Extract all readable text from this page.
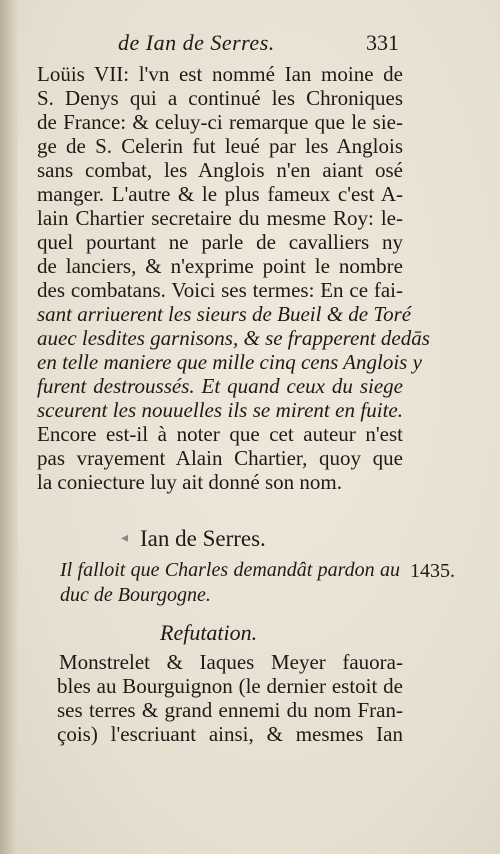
de Ian de Serres.	331
Loüis VII: l'vn est nommé Ian moine de
S. Denys qui a continué les Chroniques
de France: & celuy-ci remarque que le sie-
ge de S. Celerin fut leué par les Anglois
sans combat, les Anglois n'en aiant osé
manger. L'autre & le plus fameux c'est A-
lain Chartier secretaire du mesme Roy: le-
quel pourtant ne parle de cavalliers ny
de lanciers, & n'exprime point le nombre
des combatans. Voici ses termes: En ce fai-
sant arriuerent les sieurs de Bueil & de Toré
auec lesdites garnisons, & se frapperent dedās
en telle maniere que mille cinq cens Anglois y
furent destroussés. Et quand ceux du siege
sceurent les nouuelles ils se mirent en fuite.
Encore est-il à noter que cet auteur n'est
pas vrayement Alain Chartier, quoy que
la coniecture luy ait donné son nom.
◂ Ian de Serres.
Il falloit que Charles demandât pardon au
duc de Bourgogne.
1435.
Refutation.
Monstrelet & Iaques Meyer fauora-
bles au Bourguignon (le dernier estoit de
ses terres & grand ennemi du nom Fran-
çois) l'escriuant ainsi, & mesmes Ian
